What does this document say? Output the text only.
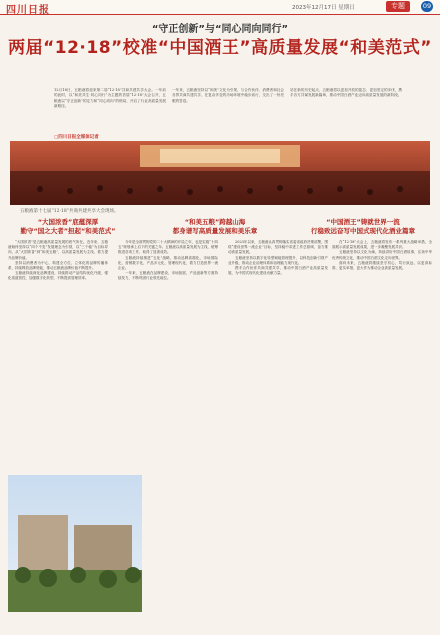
四川日报	2023年12月17日 星期日	专题	09
“守正创新”与“同心同向同行”
两届“12·18”校准“中国酒王”高质量发展“和美范式”
12月18日，五粮液将迎来第二届“12·18”共商共建共享大会。一年前的此时，以“和美共生·同心同行”为主题的首届“12·18”大会召开，五粮液以“守正创新”的定力和“同心同向”的格局，开启了行业高质量发展新路径。
一年来，五粮液坚持以“和美”文化为引领，与合作伙伴、消费者和社会各界共商共建共享，在复杂多变的市场环境中稳步前行，交出了一份亮眼的答卷。
站在新的历史起点，五粮液将以更加开放的姿态、更加坚定的步伐，携手各方共谋发展新篇章，推动中国白酒产业迈向高质量发展的新阶段。
□四川日报全媒体记者
五粮液第十七届“12·18”共商共建共享大会现场。
“大国浓香”底蕴深厚
勤守“国之大者”担起“和美范式”
“和美五粮”跨越山海
都身谱写高质量发展和美乐章
“中国酒王”铸就世界一流
行稳致远奋写中国式现代化酒业篇章

“大国浓香”是五粮液高质量发展的底气所在。近年来，五粮液始终坚持以“四个不变”发展理念为引领，以“三个稳”为目标导向，从“大国浓香”到“和美五粮”，以高质量发展为主线，着力提升品牌价值。

坚持以消费者为中心，构建全方位、立体化的品牌传播体系，持续释放品牌势能，推动五粮液品牌价值不断提升。

五粮液持续深化品牌建设，持续推动产品结构优化升级，强化渠道管控，加强数字化转型，不断提高管理效率。

今年是全面贯彻党的二十大精神的开局之年，也是实施“十四五”规划承上启下的关键之年。五粮液以高质量发展为主线，统筹推进各项工作，取得了显著成效。

五粮液持续推进“五化”战略，推动品牌高端化、市场国际化、营销数字化、产品多元化、管理现代化，着力打造世界一流企业。

一年来，五粮液在品牌建设、市场拓展、产品创新等方面持续发力，不断巩固行业领先地位。

2023年以来，五粮液认真贯彻落实省委省政府决策部署，围绕“建设世界一流企业”目标，坚持稳中求进工作总基调，奋力推动高质量发展。

五粮液坚持以数字化转型赋能管理提升，以科技创新引领产业升级，推动企业治理体系和治理能力现代化。

携手合作伙伴共商共建共享，推动中国白酒产业高质量发展，为中国式现代化建设贡献力量。

在“12·18”大会上，五粮液将发布一系列重大战略举措，全面展示高质量发展成果，进一步凝聚发展共识。

五粮液坚持以文化为魂，持续讲好中国白酒故事，弘扬中华优秀传统文化，推动中国白酒文化走向世界。

面向未来，五粮液将继续坚守初心，笃行致远，以更高标准、更实举措、更大作为推动企业高质量发展。
